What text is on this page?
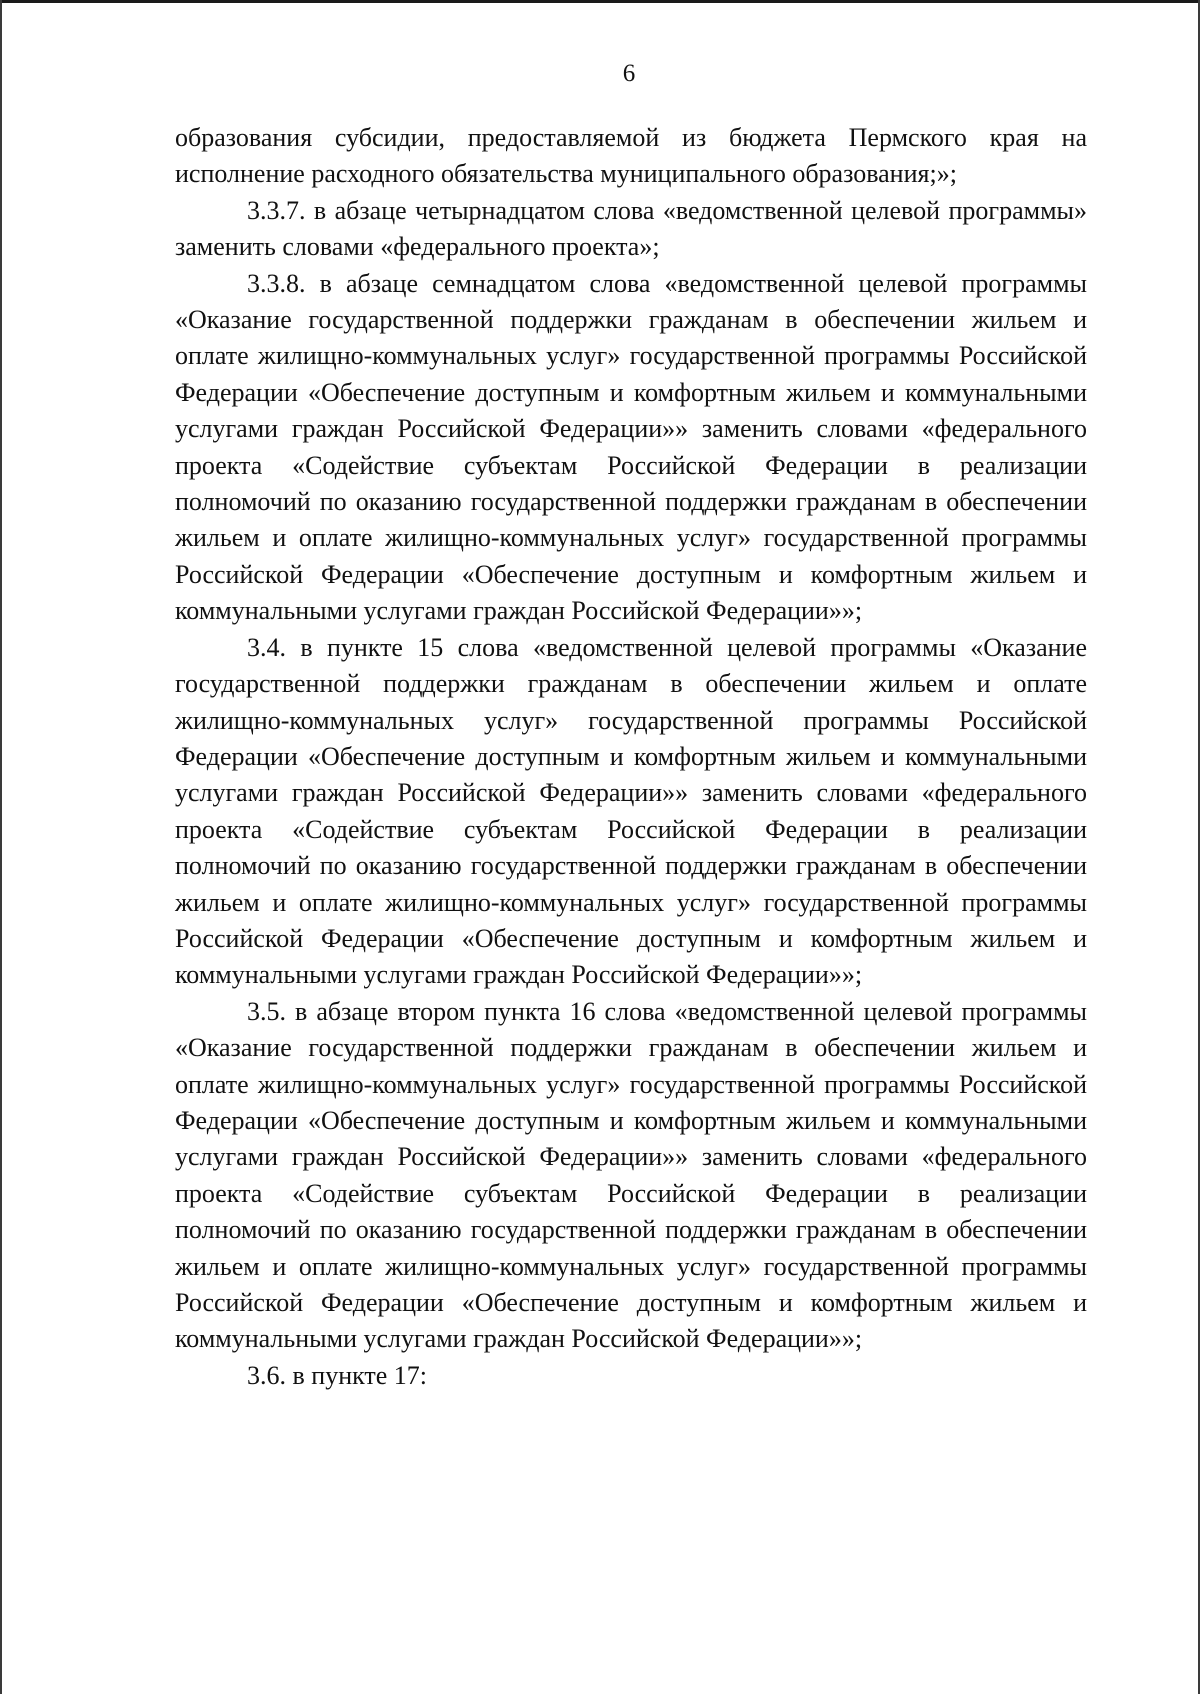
6

образования субсидии, предоставляемой из бюджета Пермского края на исполнение расходного обязательства муниципального образования;»;

3.3.7. в абзаце четырнадцатом слова «ведомственной целевой программы» заменить словами «федерального проекта»;

3.3.8. в абзаце семнадцатом слова «ведомственной целевой программы «Оказание государственной поддержки гражданам в обеспечении жильем и оплате жилищно-коммунальных услуг» государственной программы Российской Федерации «Обеспечение доступным и комфортным жильем и коммунальными услугами граждан Российской Федерации»» заменить словами «федерального проекта «Содействие субъектам Российской Федерации в реализации полномочий по оказанию государственной поддержки гражданам в обеспечении жильем и оплате жилищно-коммунальных услуг» государственной программы Российской Федерации «Обеспечение доступным и комфортным жильем и коммунальными услугами граждан Российской Федерации»»;

3.4. в пункте 15 слова «ведомственной целевой программы «Оказание государственной поддержки гражданам в обеспечении жильем и оплате жилищно-коммунальных услуг» государственной программы Российской Федерации «Обеспечение доступным и комфортным жильем и коммунальными услугами граждан Российской Федерации»» заменить словами «федерального проекта «Содействие субъектам Российской Федерации в реализации полномочий по оказанию государственной поддержки гражданам в обеспечении жильем и оплате жилищно-коммунальных услуг» государственной программы Российской Федерации «Обеспечение доступным и комфортным жильем и коммунальными услугами граждан Российской Федерации»»;

3.5. в абзаце втором пункта 16 слова «ведомственной целевой программы «Оказание государственной поддержки гражданам в обеспечении жильем и оплате жилищно-коммунальных услуг» государственной программы Российской Федерации «Обеспечение доступным и комфортным жильем и коммунальными услугами граждан Российской Федерации»» заменить словами «федерального проекта «Содействие субъектам Российской Федерации в реализации полномочий по оказанию государственной поддержки гражданам в обеспечении жильем и оплате жилищно-коммунальных услуг» государственной программы Российской Федерации «Обеспечение доступным и комфортным жильем и коммунальными услугами граждан Российской Федерации»»;

3.6. в пункте 17:
